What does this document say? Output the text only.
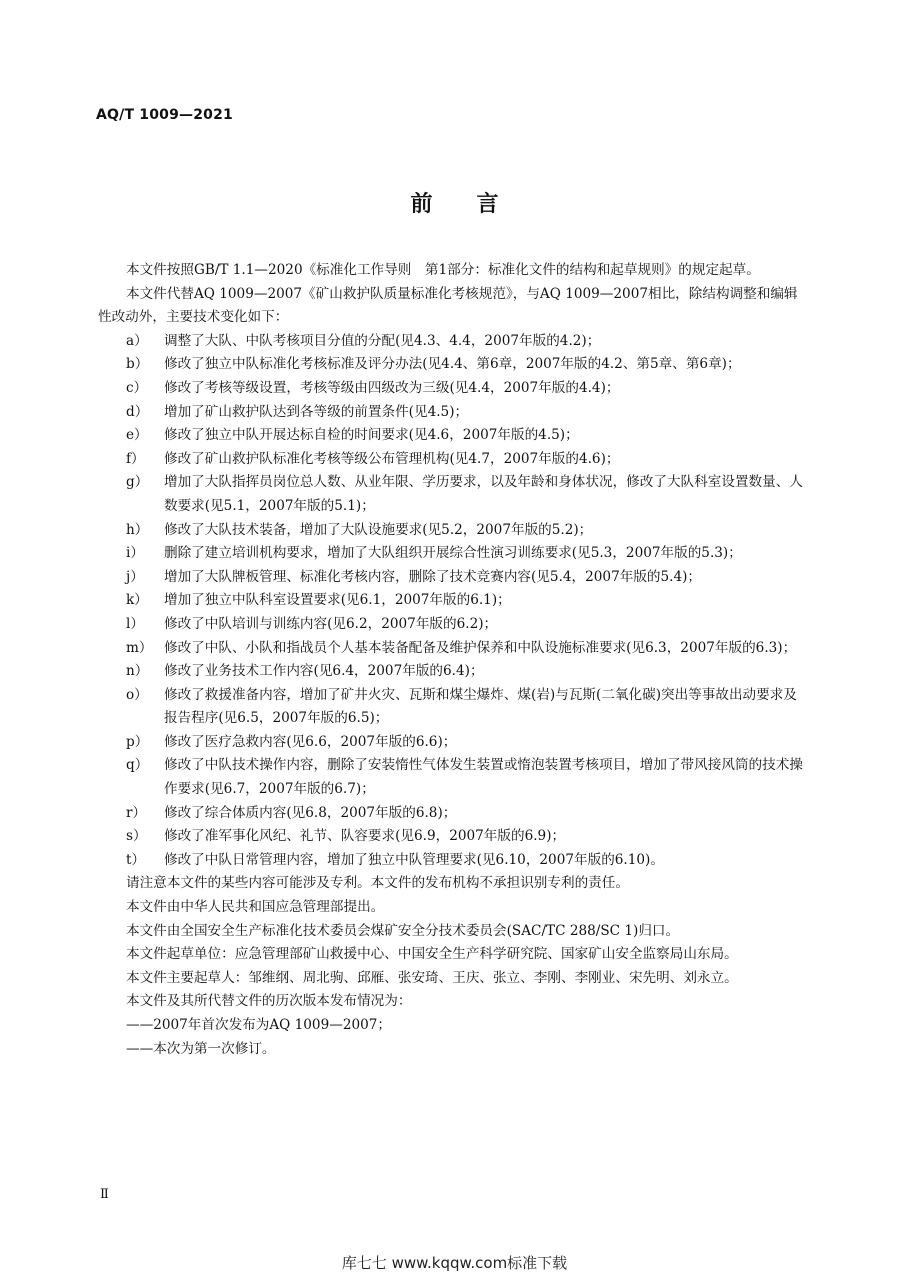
AQ/T 1009—2021
前言

本文件按照GB/T 1.1—2020《标准化工作导则　第1部分：标准化文件的结构和起草规则》的规定起草。

本文件代替AQ 1009—2007《矿山救护队质量标准化考核规范》，与AQ 1009—2007相比，除结构调整和编辑性改动外，主要技术变化如下：

a）	调整了大队、中队考核项目分值的分配(见4.3、4.4，2007年版的4.2)；
b）	修改了独立中队标准化考核标准及评分办法(见4.4、第6章，2007年版的4.2、第5章、第6章)；
c）	修改了考核等级设置，考核等级由四级改为三级(见4.4，2007年版的4.4)；
d）	增加了矿山救护队达到各等级的前置条件(见4.5)；
e）	修改了独立中队开展达标自检的时间要求(见4.6，2007年版的4.5)；
f）	修改了矿山救护队标准化考核等级公布管理机构(见4.7，2007年版的4.6)；
g）	增加了大队指挥员岗位总人数、从业年限、学历要求，以及年龄和身体状况，修改了大队科室设置数量、人数要求(见5.1，2007年版的5.1)；
h）	修改了大队技术装备，增加了大队设施要求(见5.2，2007年版的5.2)；
i）	删除了建立培训机构要求，增加了大队组织开展综合性演习训练要求(见5.3，2007年版的5.3)；
j）	增加了大队牌板管理、标准化考核内容，删除了技术竞赛内容(见5.4，2007年版的5.4)；
k）	增加了独立中队科室设置要求(见6.1，2007年版的6.1)；
l）	修改了中队培训与训练内容(见6.2，2007年版的6.2)；
m） 修改了中队、小队和指战员个人基本装备配备及维护保养和中队设施标准要求(见6.3，2007年版的6.3)；
n）	修改了业务技术工作内容(见6.4，2007年版的6.4)；
o）	修改了救援准备内容，增加了矿井火灾、瓦斯和煤尘爆炸、煤(岩)与瓦斯(二氧化碳)突出等事故出动要求及报告程序(见6.5，2007年版的6.5)；
p）	修改了医疗急救内容(见6.6，2007年版的6.6)；
q）	修改了中队技术操作内容，删除了安装惰性气体发生装置或惰泡装置考核项目，增加了带风接风筒的技术操作要求(见6.7，2007年版的6.7)；
r）	修改了综合体质内容(见6.8，2007年版的6.8)；
s）	修改了准军事化风纪、礼节、队容要求(见6.9，2007年版的6.9)；
t）	修改了中队日常管理内容，增加了独立中队管理要求(见6.10，2007年版的6.10)。

请注意本文件的某些内容可能涉及专利。本文件的发布机构不承担识别专利的责任。

本文件由中华人民共和国应急管理部提出。

本文件由全国安全生产标准化技术委员会煤矿安全分技术委员会(SAC/TC 288/SC 1)归口。

本文件起草单位：应急管理部矿山救援中心、中国安全生产科学研究院、国家矿山安全监察局山东局。

本文件主要起草人：邹维纲、周北驹、邱雁、张安琦、王庆、张立、李刚、李刚业、宋先明、刘永立。

本文件及其所代替文件的历次版本发布情况为：

——2007年首次发布为AQ 1009—2007；

——本次为第一次修订。

Ⅱ
库七七 www.kqqw.com标准下载
